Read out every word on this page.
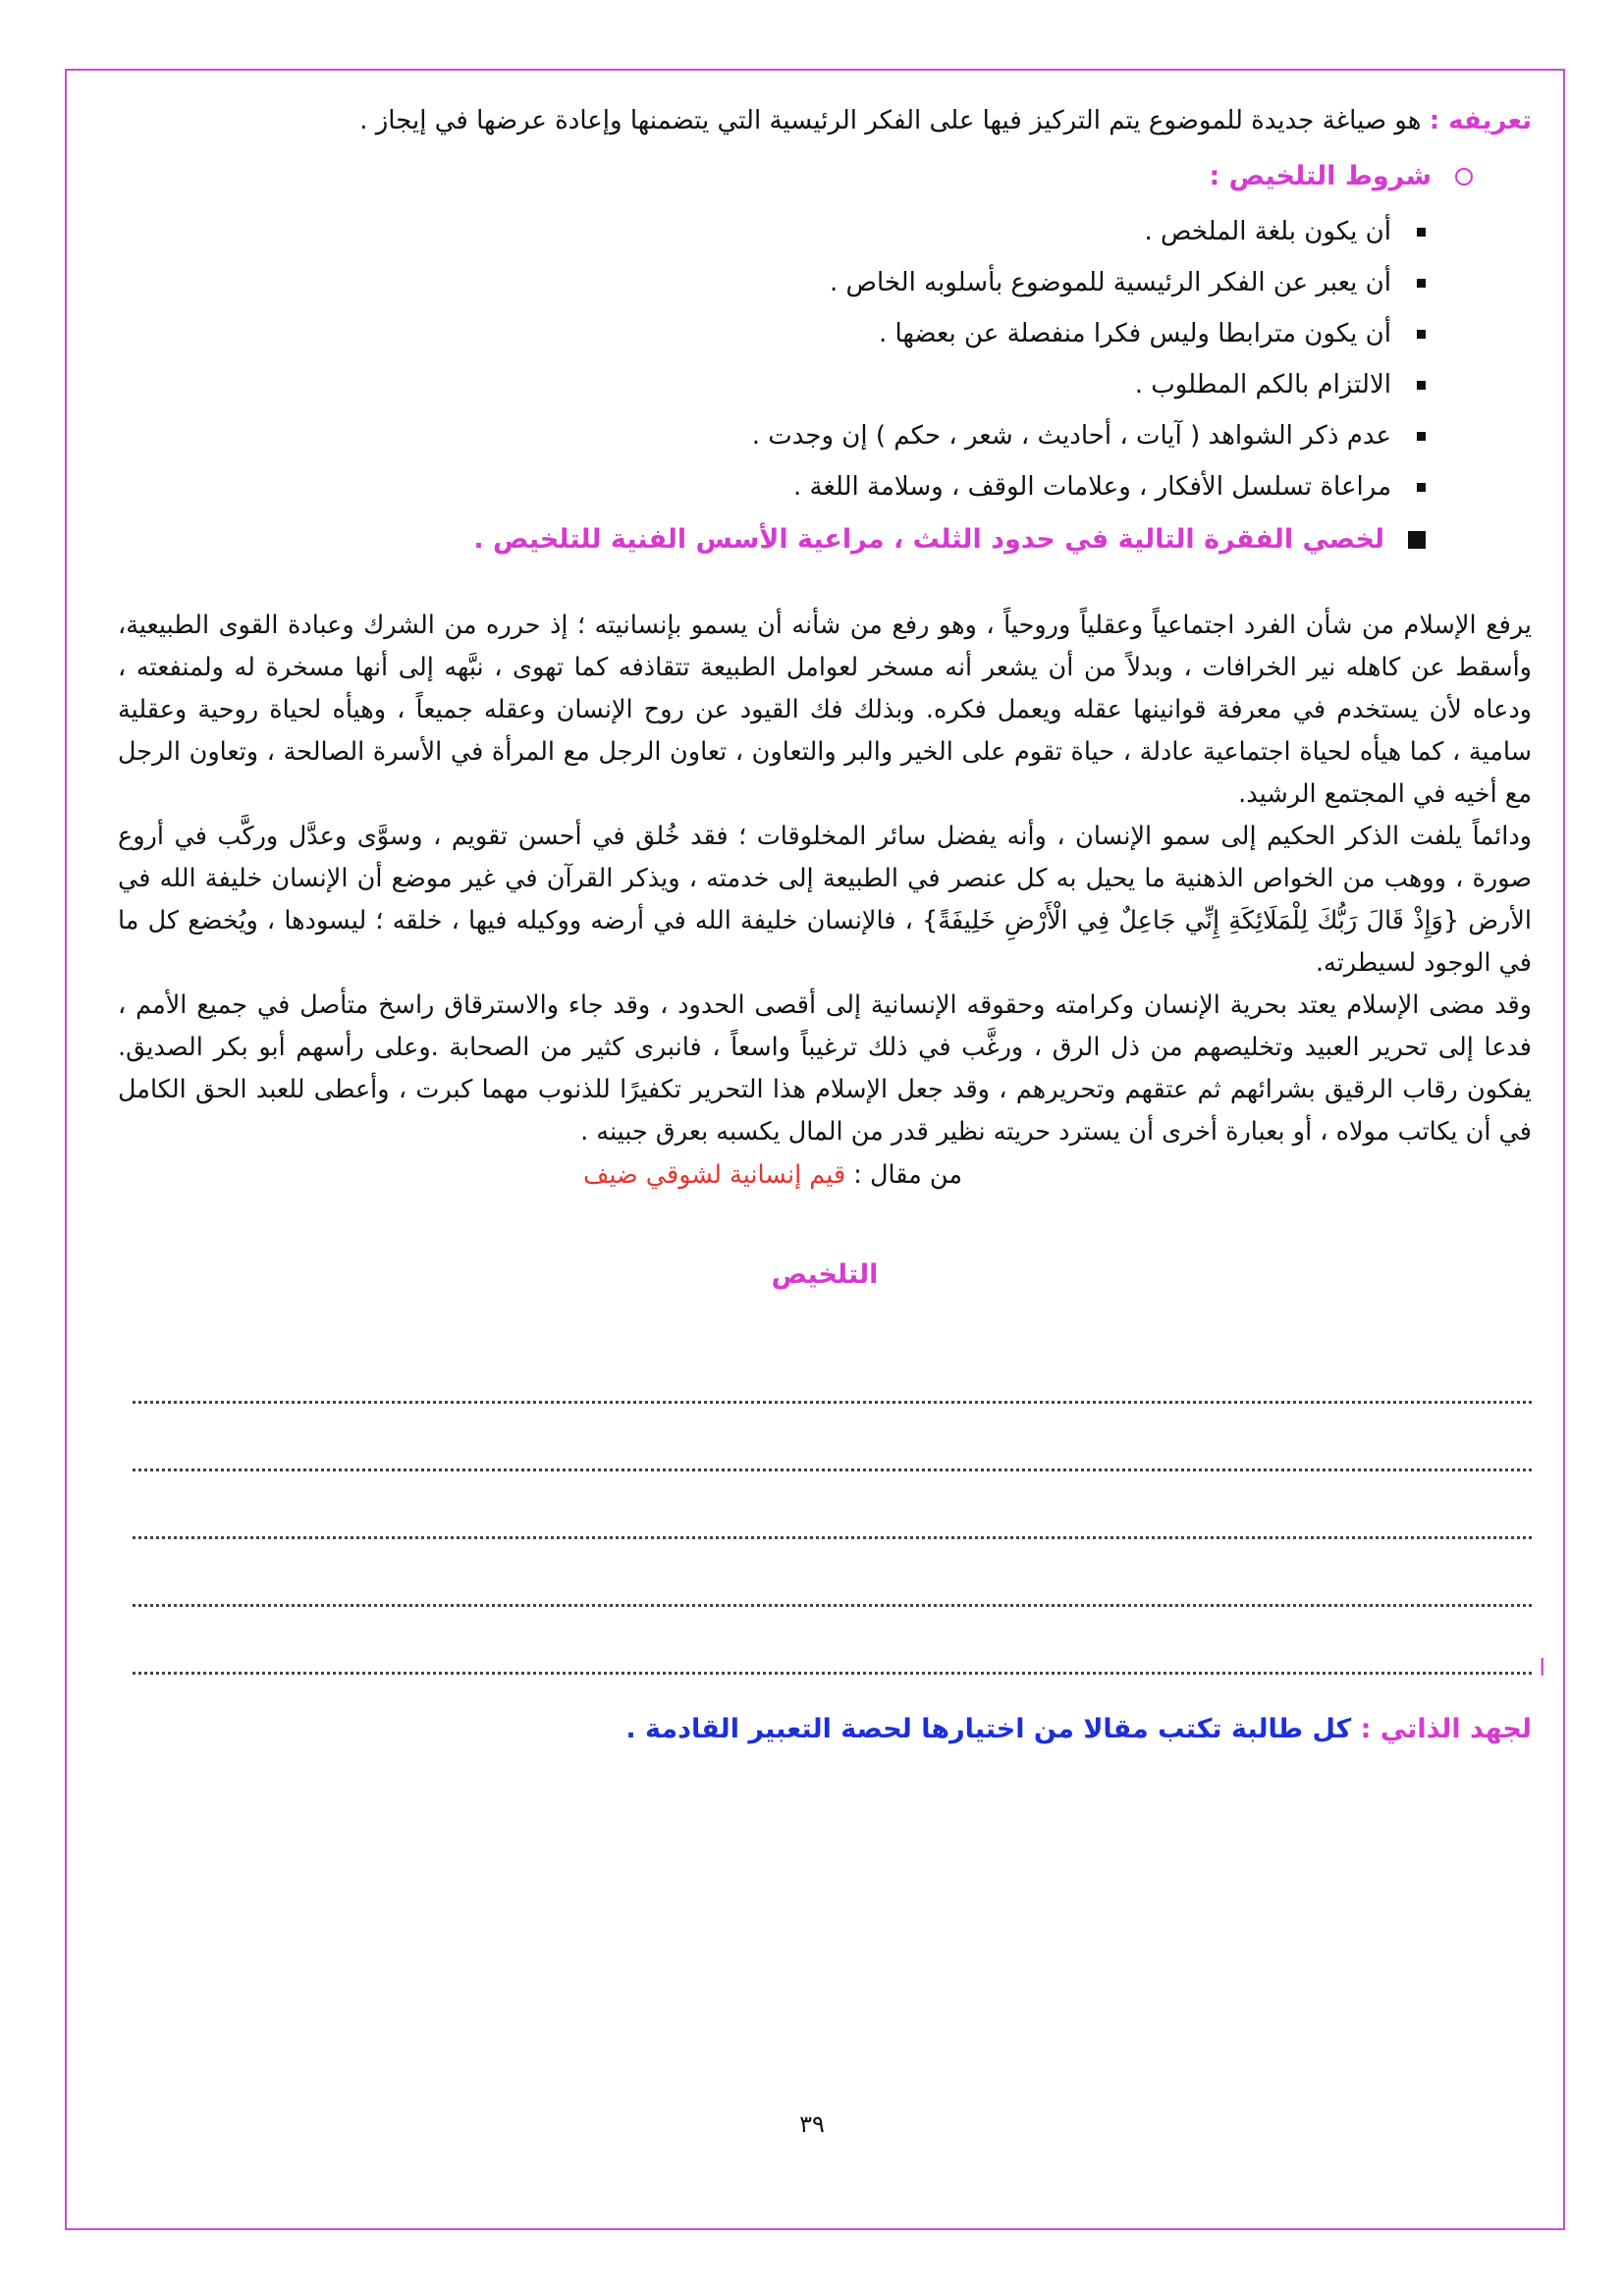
تعريفه : هو صياغة جديدة للموضوع يتم التركيز فيها على الفكر الرئيسية التي يتضمنها وإعادة عرضها في إيجاز .

شروط التلخيص :
أن يكون بلغة الملخص .
أن يعبر عن الفكر الرئيسية للموضوع بأسلوبه الخاص .
أن يكون مترابطا وليس فكرا منفصلة عن بعضها .
الالتزام بالكم المطلوب .
عدم ذكر الشواهد ( آيات ، أحاديث ، شعر ، حكم ) إن وجدت .
مراعاة تسلسل الأفكار ، وعلامات الوقف ، وسلامة اللغة .
لخصي الفقرة التالية في حدود الثلث ، مراعية الأسس الفنية للتلخيص .

يرفع الإسلام من شأن الفرد اجتماعياً وعقلياً وروحياً ، وهو رفع من شأنه أن يسمو بإنسانيته ؛ إذ حرره من الشرك وعبادة القوى الطبيعية، وأسقط عن كاهله نير الخرافات ، وبدلاً من أن يشعر أنه مسخر لعوامل الطبيعة تتقاذفه كما تهوى ، نبَّهه إلى أنها مسخرة له ولمنفعته ، ودعاه لأن يستخدم في معرفة قوانينها عقله ويعمل فكره. وبذلك فك القيود عن روح الإنسان وعقله جميعاً ، وهيأه لحياة روحية وعقلية سامية ، كما هيأه لحياة اجتماعية عادلة ، حياة تقوم على الخير والبر والتعاون ، تعاون الرجل مع المرأة في الأسرة الصالحة ، وتعاون الرجل مع أخيه في المجتمع الرشيد.

ودائماً يلفت الذكر الحكيم إلى سمو الإنسان ، وأنه يفضل سائر المخلوقات ؛ فقد خُلق في أحسن تقويم ، وسوَّى وعدَّل وركَّب في أروع صورة ، ووهب من الخواص الذهنية ما يحيل به كل عنصر في الطبيعة إلى خدمته ، ويذكر القرآن في غير موضع أن الإنسان خليفة الله في الأرض {وَإِذْ قَالَ رَبُّكَ لِلْمَلَائِكَةِ إِنِّي جَاعِلٌ فِي الْأَرْضِ خَلِيفَةً} ، فالإنسان خليفة الله في أرضه ووكيله فيها ، خلقه ؛ ليسودها ، ويُخضع كل ما في الوجود لسيطرته.

وقد مضى الإسلام يعتد بحرية الإنسان وكرامته وحقوقه الإنسانية إلى أقصى الحدود ، وقد جاء والاسترقاق راسخ متأصل في جميع الأمم ، فدعا إلى تحرير العبيد وتخليصهم من ذل الرق ، ورغَّب في ذلك ترغيباً واسعاً ، فانبرى كثير من الصحابة .وعلى رأسهم أبو بكر الصديق. يفكون رقاب الرقيق بشرائهم ثم عتقهم وتحريرهم ، وقد جعل الإسلام هذا التحرير تكفيرًا للذنوب مهما كبرت ، وأعطى للعبد الحق الكامل في أن يكاتب مولاه ، أو بعبارة أخرى أن يسترد حريته نظير قدر من المال يكسبه بعرق جبينه .

من مقال : قيم إنسانية لشوقي ضيف

التلخيص
ا
لجهد الذاتي : كل طالبة تكتب مقالا من اختيارها لحصة التعبير القادمة .
٣٩
